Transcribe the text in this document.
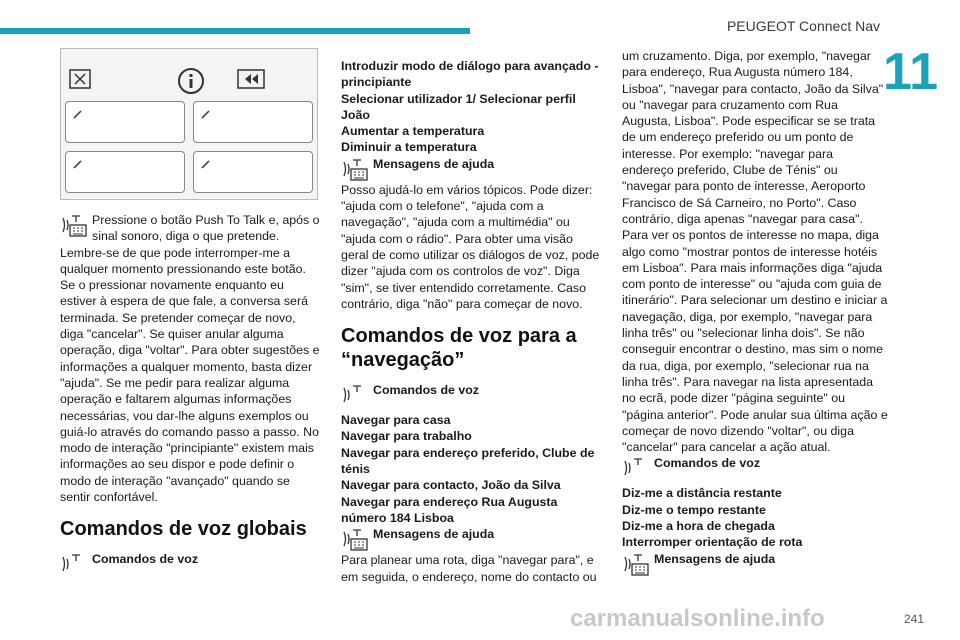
PEUGEOT Connect Nav
11

Pressione o botão Push To Talk e, após o sinal sonoro, diga o que pretende.

Lembre-se de que pode interromper-me a qualquer momento pressionando este botão. Se o pressionar novamente enquanto eu estiver à espera de que fale, a conversa será terminada. Se pretender começar de novo, diga "cancelar". Se quiser anular alguma operação, diga "voltar". Para obter sugestões e informações a qualquer momento, basta dizer "ajuda". Se me pedir para realizar alguma operação e faltarem algumas informações necessárias, vou dar-lhe alguns exemplos ou guiá-lo através do comando passo a passo. No modo de interação "principiante" existem mais informações ao seu dispor e pode definir o modo de interação "avançado" quando se sentir confortável.

Comandos de voz globais

Comandos de voz

Introduzir modo de diálogo para avançado - principiante

Selecionar utilizador 1/ Selecionar perfil João

Aumentar a temperatura

Diminuir a temperatura

Mensagens de ajuda

Posso ajudá-lo em vários tópicos. Pode dizer: "ajuda com o telefone", "ajuda com a navegação", "ajuda com a multimédia" ou "ajuda com o rádio". Para obter uma visão geral de como utilizar os diálogos de voz, pode dizer "ajuda com os controlos de voz". Diga "sim", se tiver entendido corretamente. Caso contrário, diga "não" para começar de novo.

Comandos de voz para a “navegação”

Comandos de voz

Navegar para casa

Navegar para trabalho

Navegar para endereço preferido, Clube de ténis

Navegar para contacto, João da Silva

Navegar para endereço Rua Augusta número 184 Lisboa

Mensagens de ajuda

Para planear uma rota, diga "navegar para", e em seguida, o endereço, nome do contacto ou

um cruzamento. Diga, por exemplo, "navegar para endereço, Rua Augusta número 184, Lisboa", "navegar para contacto, João da Silva" ou "navegar para cruzamento com Rua Augusta, Lisboa". Pode especificar se se trata de um endereço preferido ou um ponto de interesse. Por exemplo: "navegar para endereço preferido, Clube de Ténis" ou "navegar para ponto de interesse, Aeroporto Francisco de Sá Carneiro, no Porto". Caso contrário, diga apenas "navegar para casa". Para ver os pontos de interesse no mapa, diga algo como "mostrar pontos de interesse hotéis em Lisboa". Para mais informações diga "ajuda com ponto de interesse" ou "ajuda com guia de itinerário". Para selecionar um destino e iniciar a navegação, diga, por exemplo, "navegar para linha três" ou "selecionar linha dois". Se não conseguir encontrar o destino, mas sim o nome da rua, diga, por exemplo, "selecionar rua na linha três". Para navegar na lista apresentada no ecrã, pode dizer "página seguinte" ou "página anterior". Pode anular sua última ação e começar de novo dizendo "voltar", ou diga "cancelar" para cancelar a ação atual.

Comandos de voz

Diz-me a distância restante

Diz-me o tempo restante

Diz-me a hora de chegada

Interromper orientação de rota

Mensagens de ajuda

carmanualsonline.info	241
